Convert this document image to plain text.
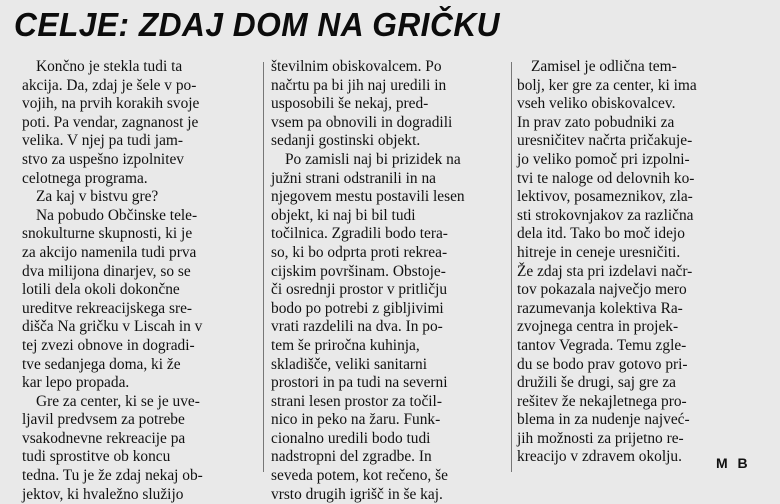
CELJE: ZDAJ DOM NA GRIČKU

Končno je stekla tudi ta
akcija. Da, zdaj je šele v po-
vojih, na prvih korakih svoje
poti. Pa vendar, zagnanost je
velika. V njej pa tudi jam-
stvo za uspešno izpolnitev
celotnega programa.

Za kaj v bistvu gre?

Na pobudo Občinske tele-
snokulturne skupnosti, ki je
za akcijo namenila tudi prva
dva milijona dinarjev, so se
lotili dela okoli dokončne
ureditve rekreacijskega sre-
dišča Na gričku v Liscah in v
tej zvezi obnove in dogradi-
tve sedanjega doma, ki že
kar lepo propada.

Gre za center, ki se je uve-
ljavil predvsem za potrebe
vsakodnevne rekreacije pa
tudi sprostitve ob koncu
tedna. Tu je že zdaj nekaj ob-
jektov, ki hvaležno služijo

številnim obiskovalcem. Po
načrtu pa bi jih naj uredili in
usposobili še nekaj, pred-
vsem pa obnovili in dogradili
sedanji gostinski objekt.

Po zamisli naj bi prizidek na
južni strani odstranili in na
njegovem mestu postavili lesen
objekt, ki naj bi bil tudi
točilnica. Zgradili bodo tera-
so, ki bo odprta proti rekrea-
cijskim površinam. Obstoje-
či osrednji prostor v pritličju
bodo po potrebi z gibljivimi
vrati razdelili na dva. In po-
tem še priročna kuhinja,
skladišče, veliki sanitarni
prostori in pa tudi na severni
strani lesen prostor za točil-
nico in peko na žaru. Funk-
cionalno uredili bodo tudi
nadstropni del zgradbe. In
seveda potem, kot rečeno, še
vrsto drugih igrišč in še kaj.

Zamisel je odlična tem-
bolj, ker gre za center, ki ima
vseh veliko obiskovalcev.
In prav zato pobudniki za
uresničitev načrta pričakuje-
jo veliko pomoč pri izpolni-
tvi te naloge od delovnih ko-
lektivov, posameznikov, zla-
sti strokovnjakov za različna
dela itd. Tako bo moč idejo
hitreje in ceneje uresničiti.
Že zdaj sta pri izdelavi načr-
tov pokazala največjo mero
razumevanja kolektiva Ra-
zvojnega centra in projek-
tantov Vegrada. Temu zgle-
du se bodo prav gotovo pri-
družili še drugi, saj gre za
rešitev že nekajletnega pro-
blema in za nudenje najveć-
jih možnosti za prijetno re-
kreacijo v zdravem okolju.	M B
